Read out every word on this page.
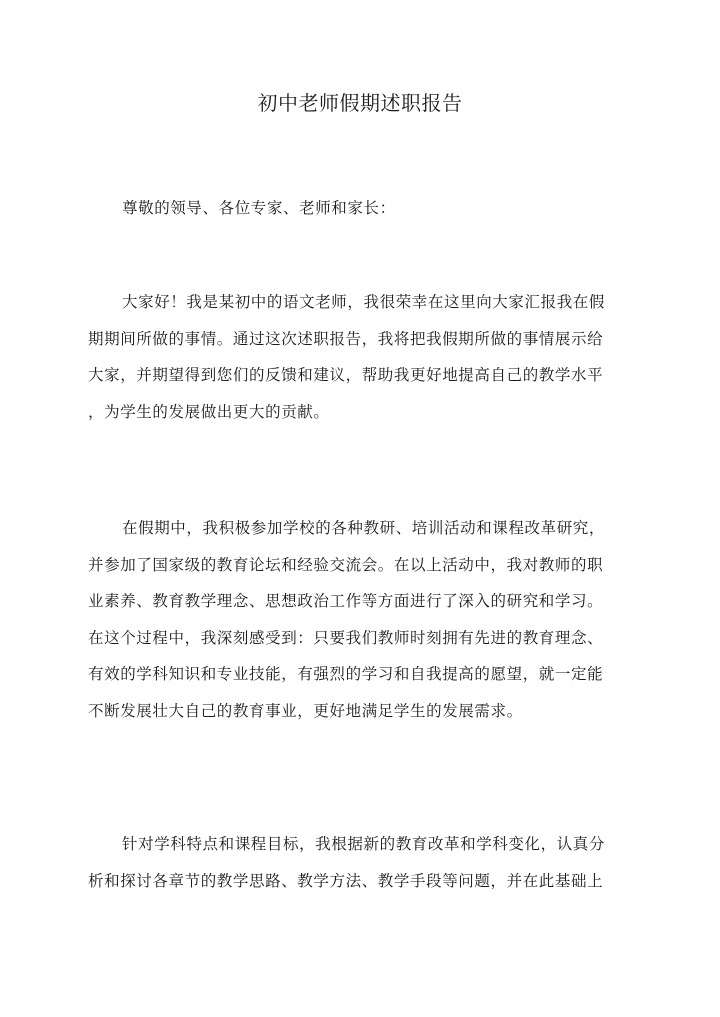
初中老师假期述职报告
尊敬的领导、各位专家、老师和家长：
大家好！我是某初中的语文老师，我很荣幸在这里向大家汇报我在假
期期间所做的事情。通过这次述职报告，我将把我假期所做的事情展示给
大家，并期望得到您们的反馈和建议，帮助我更好地提高自己的教学水平
，为学生的发展做出更大的贡献。
在假期中，我积极参加学校的各种教研、培训活动和课程改革研究，
并参加了国家级的教育论坛和经验交流会。在以上活动中，我对教师的职
业素养、教育教学理念、思想政治工作等方面进行了深入的研究和学习。
在这个过程中，我深刻感受到：只要我们教师时刻拥有先进的教育理念、
有效的学科知识和专业技能，有强烈的学习和自我提高的愿望，就一定能
不断发展壮大自己的教育事业，更好地满足学生的发展需求。
针对学科特点和课程目标，我根据新的教育改革和学科变化，认真分
析和探讨各章节的教学思路、教学方法、教学手段等问题，并在此基础上
